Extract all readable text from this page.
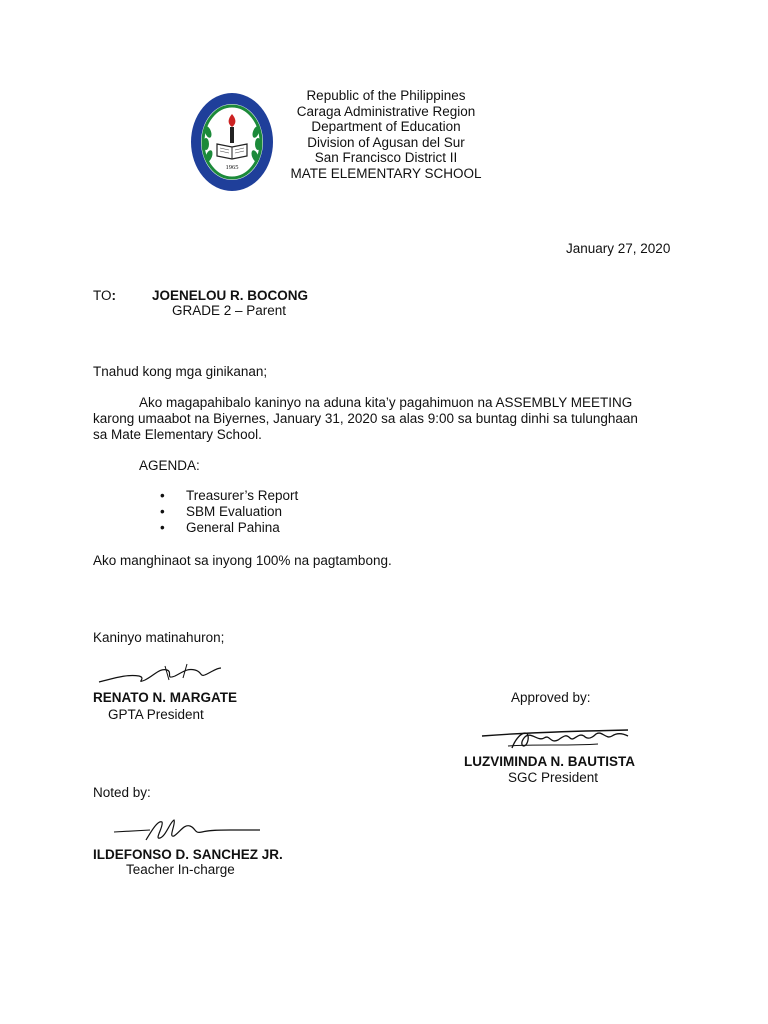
1965
Republic of the Philippines
Caraga Administrative Region
Department of Education
Division of Agusan del Sur
San Francisco District II
MATE ELEMENTARY SCHOOL
January 27, 2020
TO:	JOENELOU R. BOCONG
GRADE 2 – Parent
Tnahud kong mga ginikanan;
Ako magapahibalo kaninyo na aduna kita’y pagahimuon na ASSEMBLY MEETING
karong umaabot na Biyernes, January 31, 2020 sa alas 9:00 sa buntag dinhi sa tulunghaan
sa Mate Elementary School.
AGENDA:
• Treasurer’s Report
• SBM Evaluation
• General Pahina
Ako manghinaot sa inyong 100% na pagtambong.
Kaninyo matinahuron;
RENATO N. MARGATE
GPTA President
Approved by:
LUZVIMINDA N. BAUTISTA
SGC President
Noted by:
ILDEFONSO D. SANCHEZ JR.
Teacher In-charge
